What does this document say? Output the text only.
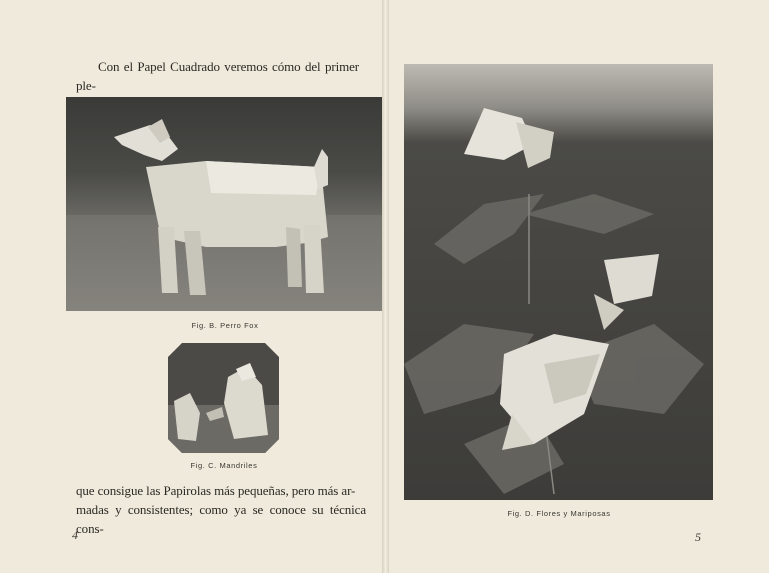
Con el Papel Cuadrado veremos cómo del primer ple-
Fig. B. Perro Fox
Fig. C. Mandriles
que consigue las Papirolas más pequeñas, pero más ar-
madas y consistentes; como ya se conoce su técnica cons-
4
Fig. D. Flores y Mariposas
5
